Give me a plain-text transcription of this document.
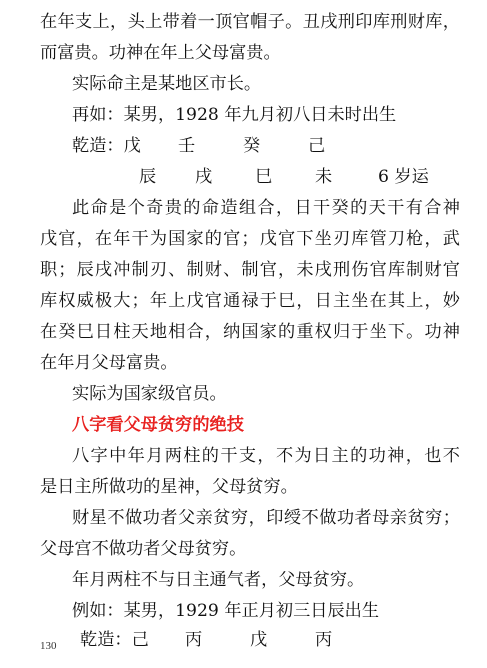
在年支上，头上带着一顶官帽子。丑戌刑印库刑财库，
而富贵。功神在年上父母富贵。
实际命主是某地区市长。
再如：某男，1928 年九月初八日未时出生
乾造：戊 壬	癸	己
辰 戌 巳 未	6 岁运
此命是个奇贵的命造组合，日干癸的天干有合神
戊官，在年干为国家的官；戊官下坐刃库管刀枪，武
职；辰戌冲制刃、制财、制官，未戌刑伤官库制财官
库权威极大；年上戊官通禄于巳，日主坐在其上，妙
在癸巳日柱天地相合，纳国家的重权归于坐下。功神
在年月父母富贵。
实际为国家级官员。
八字看父母贫穷的绝技
八字中年月两柱的干支，不为日主的功神，也不
是日主所做功的星神，父母贫穷。
财星不做功者父亲贫穷，印绶不做功者母亲贫穷；
父母宫不做功者父母贫穷。
年月两柱不与日主通气者，父母贫穷。
例如：某男，1929 年正月初三日辰出生
乾造：己 丙	戊	丙
130
